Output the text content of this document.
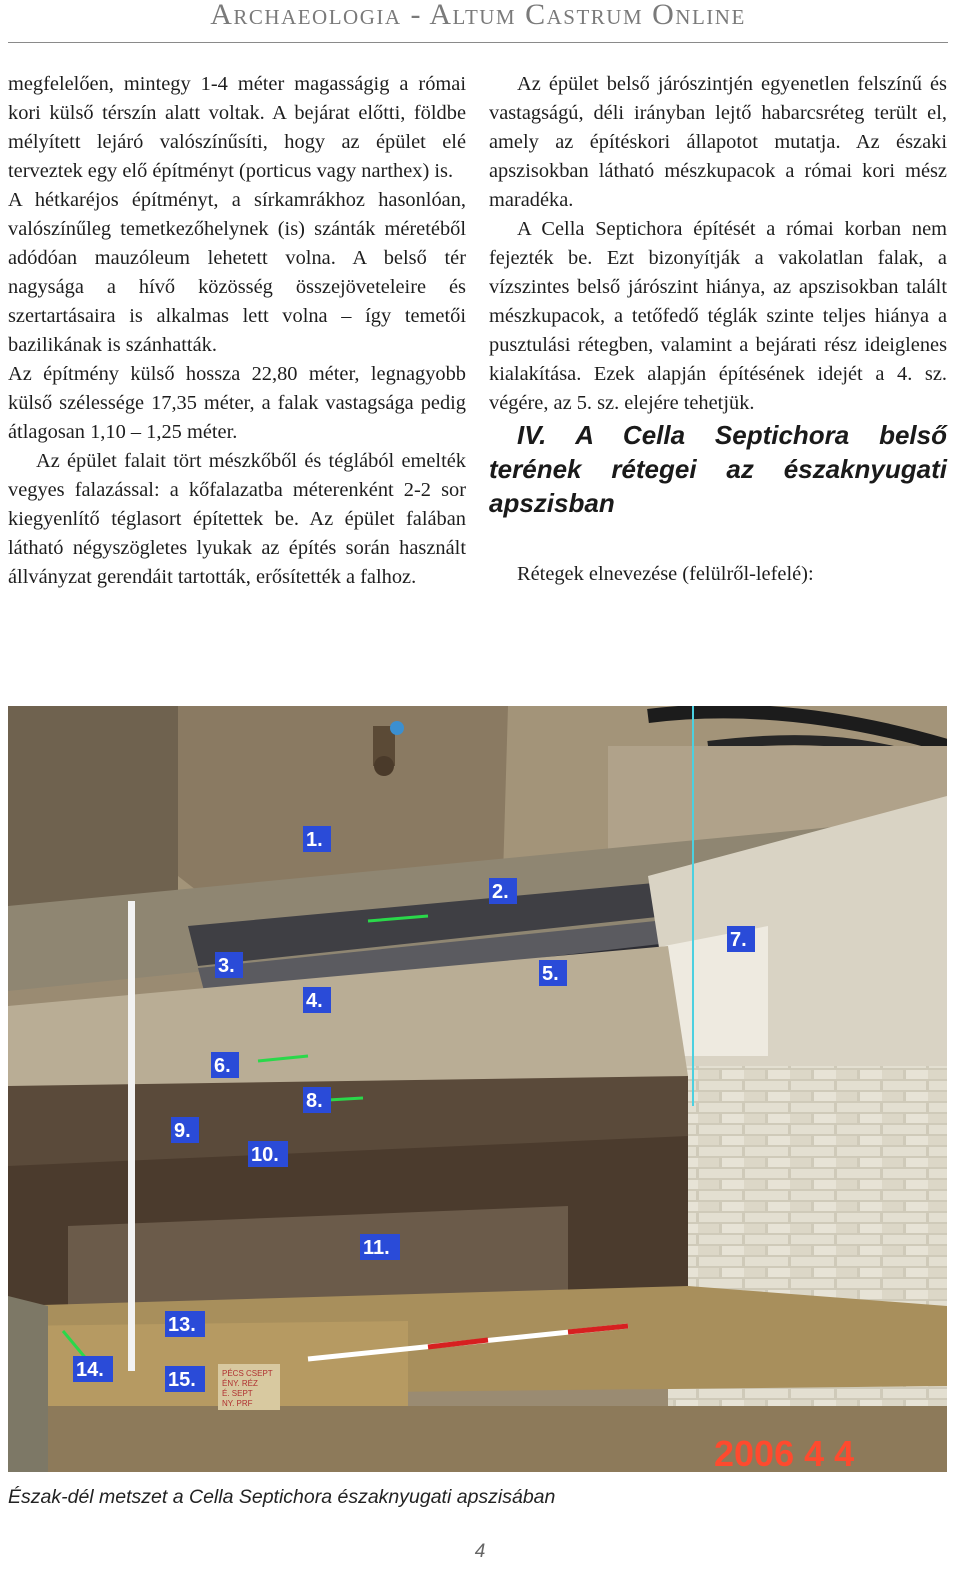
Archaeologia - Altum Castrum Online

megfelelően, mintegy 1-4 méter magasságig a római kori külső térszín alatt voltak. A bejárat előtti, földbe mélyített lejáró valószínűsíti, hogy az épület elé terveztek egy elő építményt (porticus vagy narthex) is.

A hétkaréjos építményt, a sírkamrákhoz hasonlóan, valószínűleg temetkezőhelynek (is) szánták méretéből adódóan mauzóleum lehetett volna. A belső tér nagysága a hívő közösség összejöveteleire és szertartásaira is alkalmas lett volna – így temetői bazilikának is szánhatták.

Az építmény külső hossza 22,80 méter, legnagyobb külső szélessége 17,35 méter, a falak vastagsága pedig átlagosan 1,10 – 1,25 méter.

Az épület falait tört mészkőből és téglából emelték vegyes falazással: a kőfalazatba méterenként 2-2 sor kiegyenlítő téglasort építettek be. Az épület falában látható négyszögletes lyukak az építés során használt állványzat gerendáit tartották, erősítették a falhoz.

Az épület belső járószintjén egyenetlen felszínű és vastagságú, déli irányban lejtő habarcsréteg terült el, amely az építéskori állapotot mutatja. Az északi apszisokban látható mészkupacok a római kori mész maradéka.

A Cella Septichora építését a római korban nem fejezték be. Ezt bizonyítják a vakolatlan falak, a vízszintes belső járószint hiánya, az apszisokban talált mészkupacok, a tetőfedő téglák szinte teljes hiánya a pusztulási rétegben, valamint a bejárati rész ideiglenes kialakítása. Ezek alapján építésének idejét a 4. sz. végére, az 5. sz. elejére tehetjük.

IV. A Cella Septichora belső terének rétegei az északnyugati apszisban

Rétegek elnevezése (felülről-lefelé):

PÉCS CSEPT
ÉNY. RÉZ
É. SEPT
NY. PRF
1.
2.
3.
4.
5.
6.
7.
8.
9.
10.
11.
13.
14.	15.
2006 4 4
Észak-dél metszet a Cella Septichora északnyugati apszisában
4
